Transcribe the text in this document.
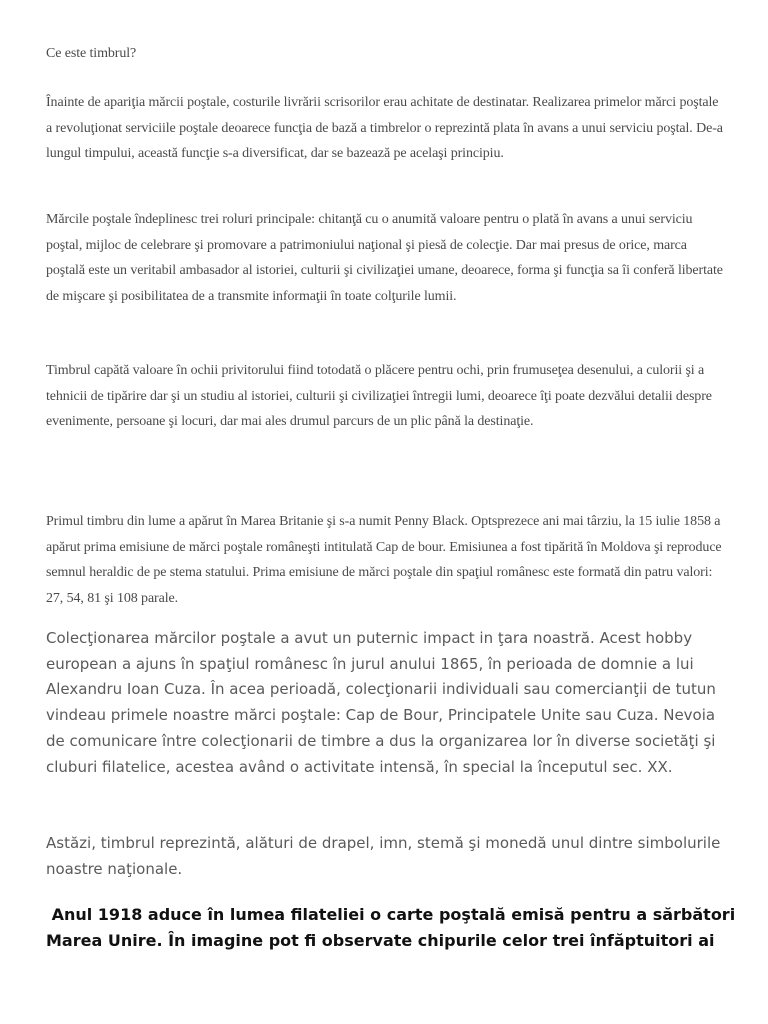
Ce este timbrul?

Înainte de apariţia mărcii poştale, costurile livrării scrisorilor erau achitate de destinatar. Realizarea primelor mărci poştale a revoluţionat serviciile poştale deoarece funcţia de bază a timbrelor o reprezintă plata în avans a unui serviciu poştal. De-a lungul timpului, această funcţie s-a diversificat, dar se bazează pe acelaşi principiu.

Mărcile poştale îndeplinesc trei roluri principale: chitanţă cu o anumită valoare pentru o plată în avans a unui serviciu poştal, mijloc de celebrare şi promovare a patrimoniului naţional şi piesă de colecţie. Dar mai presus de orice, marca poştală este un veritabil ambasador al istoriei, culturii şi civilizaţiei umane, deoarece, forma şi funcţia sa îi conferă libertate de mişcare şi posibilitatea de a transmite informaţii în toate colţurile lumii.

Timbrul capătă valoare în ochii privitorului fiind totodată o plăcere pentru ochi, prin frumuseţea desenului, a culorii şi a tehnicii de tipărire dar şi un studiu al istoriei, culturii şi civilizaţiei întregii lumi, deoarece îţi poate dezvălui detalii despre evenimente, persoane şi locuri, dar mai ales drumul parcurs de un plic până la destinaţie.

Primul timbru din lume a apărut în Marea Britanie şi s-a numit Penny Black. Optsprezece ani mai târziu, la 15 iulie 1858 a apărut prima emisiune de mărci poştale româneşti intitulată Cap de bour. Emisiunea a fost tipărită în Moldova şi reproduce semnul heraldic de pe stema statului. Prima emisiune de mărci poştale din spaţiul românesc este formată din patru valori: 27, 54, 81 şi 108 parale.

Colecţionarea mărcilor poştale a avut un puternic impact in ţara noastră. Acest hobby european a ajuns în spaţiul românesc în jurul anului 1865, în perioada de domnie a lui Alexandru Ioan Cuza. În acea perioadă, colecţionarii individuali sau comercianţii de tutun vindeau primele noastre mărci poştale: Cap de Bour, Principatele Unite sau Cuza. Nevoia de comunicare între colecţionarii de timbre a dus la organizarea lor în diverse societăţi şi cluburi filatelice, acestea având o activitate intensă, în special la începutul sec. XX.

Astăzi, timbrul reprezintă, alături de drapel, imn, stemă şi monedă unul dintre simbolurile noastre naţionale.

Anul 1918 aduce în lumea filateliei o carte poştală emisă pentru a sărbători Marea Unire. În imagine pot fi observate chipurile celor trei înfăptuitori ai
